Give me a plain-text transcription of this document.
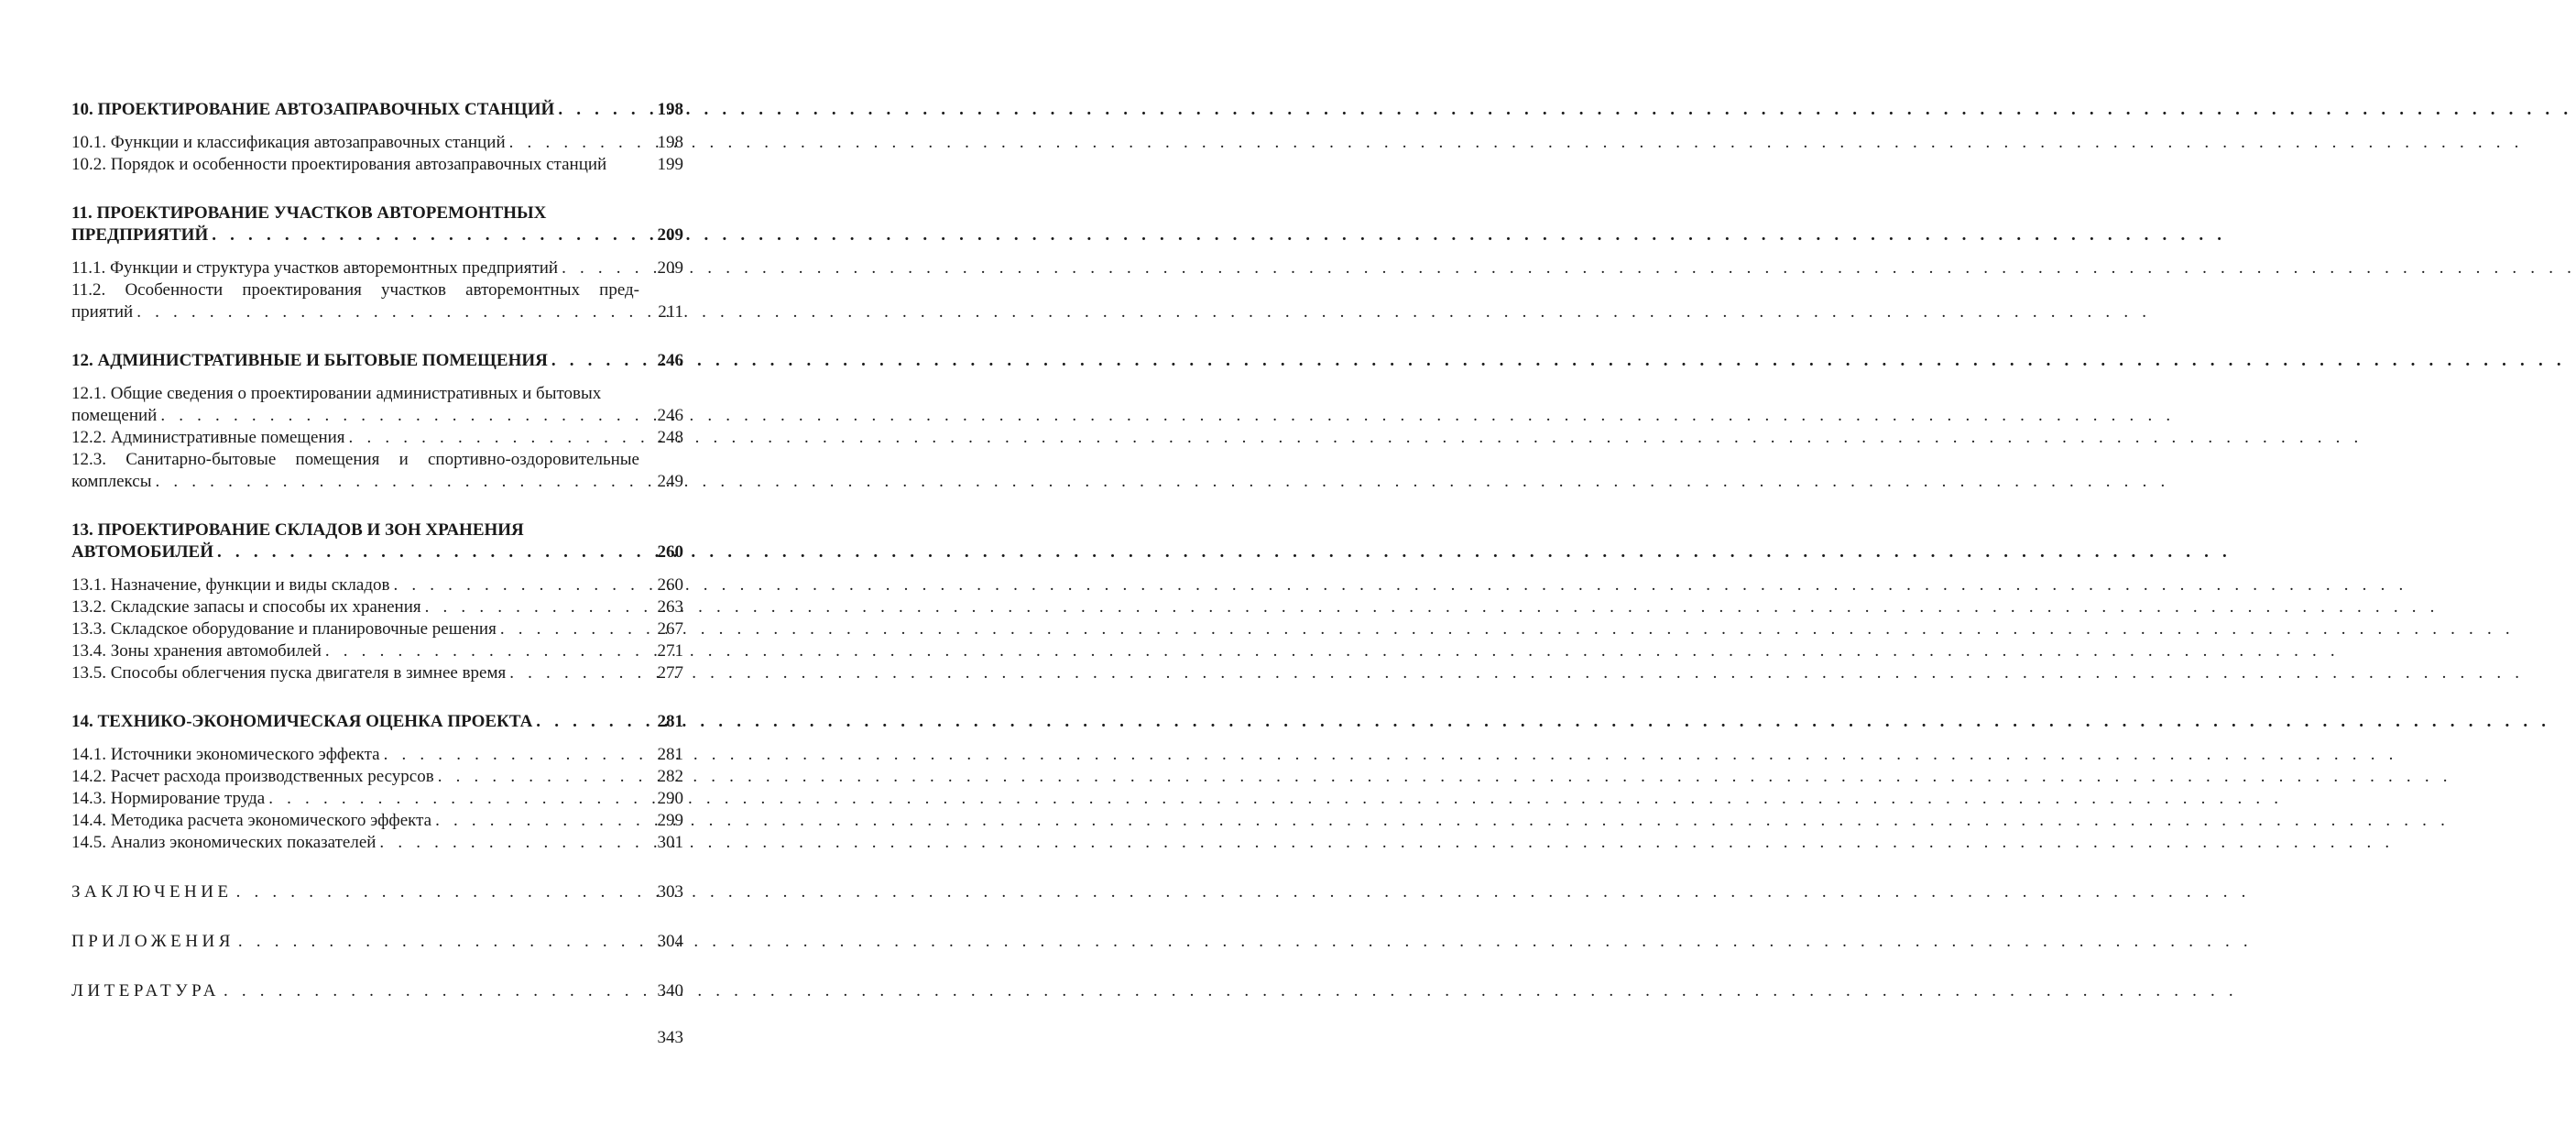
10. ПРОЕКТИРОВАНИЕ АВТОЗАПРАВОЧНЫХ СТАНЦИЙ . . .	198
10.1. Функции и классификация автозаправочных станций . . .	198
10.2. Порядок и особенности проектирования автозаправочных станций	199
11. ПРОЕКТИРОВАНИЕ УЧАСТКОВ АВТОРЕМОНТНЫХ
ПРЕДПРИЯТИЙ . . .	209
11.1. Функции и структура участков авторемонтных предприятий . . .	209
11.2. Особенности проектирования участков авторемонтных пред-
приятий . . .	211
12. АДМИНИСТРАТИВНЫЕ И БЫТОВЫЕ ПОМЕЩЕНИЯ . . .	246
12.1. Общие сведения о проектировании административных и бытовых
помещений . . .	246
12.2. Административные помещения . . .	248
12.3. Санитарно-бытовые помещения и спортивно-оздоровительные
комплексы . . .	249
13. ПРОЕКТИРОВАНИЕ СКЛАДОВ И ЗОН ХРАНЕНИЯ
АВТОМОБИЛЕЙ . . .	260
13.1. Назначение, функции и виды складов . . .	260
13.2. Складские запасы и способы их хранения . . .	263
13.3. Складское оборудование и планировочные решения . . .	267
13.4. Зоны хранения автомобилей . . .	271
13.5. Способы облегчения пуска двигателя в зимнее время . . .	277
14. ТЕХНИКО-ЭКОНОМИЧЕСКАЯ ОЦЕНКА ПРОЕКТА . . .	281
14.1. Источники экономического эффекта . . .	281
14.2. Расчет расхода производственных ресурсов . . .	282
14.3. Нормирование труда . . .	290
14.4. Методика расчета экономического эффекта . . .	299
14.5. Анализ экономических показателей . . .	301
ЗАКЛЮЧЕНИЕ . . .	303
ПРИЛОЖЕНИЯ . . .	304
ЛИТЕРАТУРА . . .	340
343
